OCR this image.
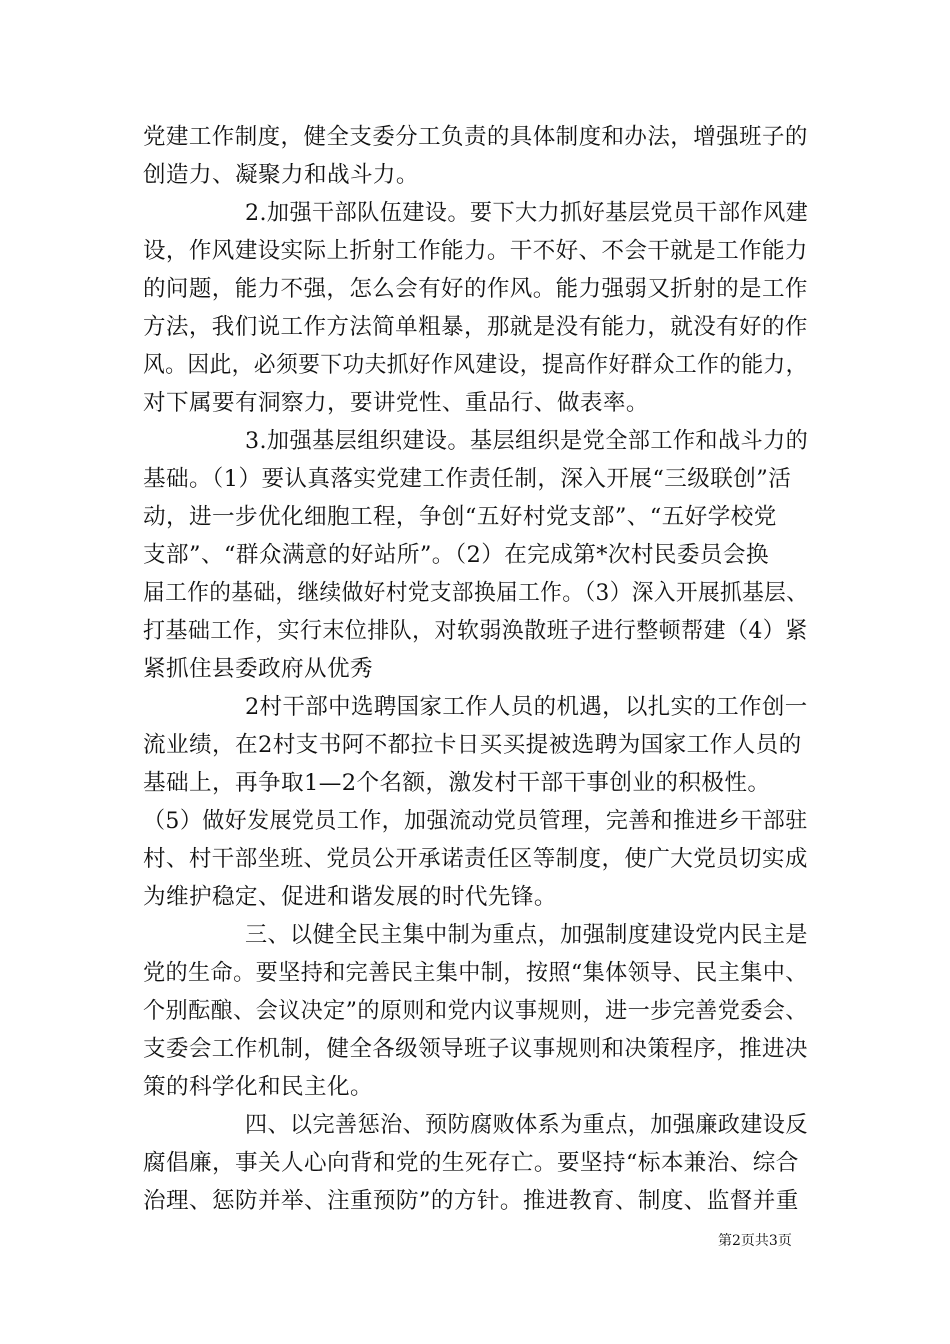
党建工作制度，健全支委分工负责的具体制度和办法，增强班子的
创造力、凝聚力和战斗力。
2.加强干部队伍建设。要下大力抓好基层党员干部作风建
设，作风建设实际上折射工作能力。干不好、不会干就是工作能力
的问题，能力不强，怎么会有好的作风。能力强弱又折射的是工作
方法，我们说工作方法简单粗暴，那就是没有能力，就没有好的作
风。因此，必须要下功夫抓好作风建设，提高作好群众工作的能力，
对下属要有洞察力，要讲党性、重品行、做表率。
3.加强基层组织建设。基层组织是党全部工作和战斗力的
基础。（1）要认真落实党建工作责任制，深入开展“三级联创”活
动，进一步优化细胞工程，争创“五好村党支部”、“五好学校党
支部”、“群众满意的好站所”。（2）在完成第*次村民委员会换
届工作的基础，继续做好村党支部换届工作。（3）深入开展抓基层、
打基础工作，实行末位排队，对软弱涣散班子进行整顿帮建（4）紧
紧抓住县委政府从优秀
2村干部中选聘国家工作人员的机遇，以扎实的工作创一
流业绩，在2村支书阿不都拉卡日买买提被选聘为国家工作人员的
基础上，再争取1—2个名额，激发村干部干事创业的积极性。
（5）做好发展党员工作，加强流动党员管理，完善和推进乡干部驻
村、村干部坐班、党员公开承诺责任区等制度，使广大党员切实成
为维护稳定、促进和谐发展的时代先锋。
三、以健全民主集中制为重点，加强制度建设党内民主是
党的生命。要坚持和完善民主集中制，按照“集体领导、民主集中、
个别酝酿、会议决定”的原则和党内议事规则，进一步完善党委会、
支委会工作机制，健全各级领导班子议事规则和决策程序，推进决
策的科学化和民主化。
四、以完善惩治、预防腐败体系为重点，加强廉政建设反
腐倡廉，事关人心向背和党的生死存亡。要坚持“标本兼治、综合
治理、惩防并举、注重预防”的方针。推进教育、制度、监督并重
第2页共3页
